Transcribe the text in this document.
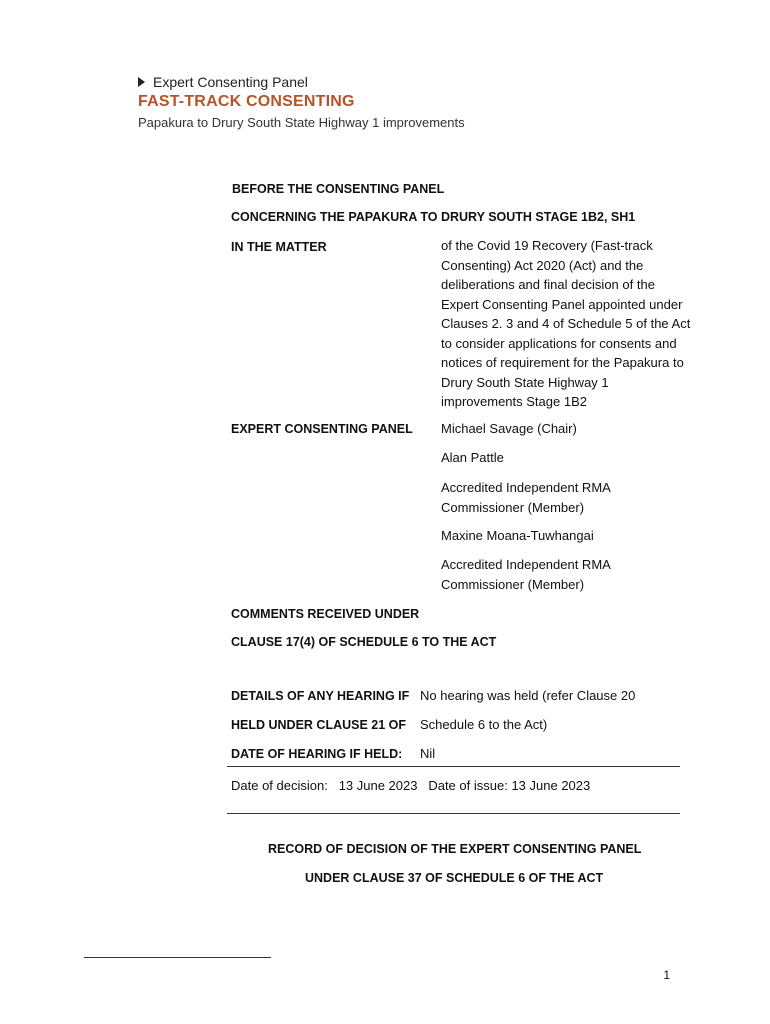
Expert Consenting Panel
FAST-TRACK CONSENTING
Papakura to Drury South State Highway 1 improvements
BEFORE THE CONSENTING PANEL
CONCERNING THE PAPAKURA TO DRURY SOUTH STAGE 1B2, SH1
IN THE MATTER	of the Covid 19 Recovery (Fast-track Consenting) Act 2020 (Act) and the deliberations and final decision of the Expert Consenting Panel appointed under Clauses 2. 3 and 4 of Schedule 5 of the Act to consider applications for consents and notices of requirement for the Papakura to Drury South State Highway 1 improvements Stage 1B2
EXPERT CONSENTING PANEL Michael Savage (Chair)
Alan Pattle
Accredited Independent RMA Commissioner (Member)
Maxine Moana-Tuwhangai
Accredited Independent RMA Commissioner (Member)
COMMENTS RECEIVED UNDER
CLAUSE 17(4) OF SCHEDULE 6 TO THE ACT
DETAILS OF ANY HEARING IF No hearing was held (refer Clause 20
HELD UNDER CLAUSE 21 OF Schedule 6 to the Act)
DATE OF HEARING IF HELD: Nil
Date of decision: 13 June 2023 Date of issue: 13 June 2023
RECORD OF DECISION OF THE EXPERT CONSENTING PANEL
UNDER CLAUSE 37 OF SCHEDULE 6 OF THE ACT
1
